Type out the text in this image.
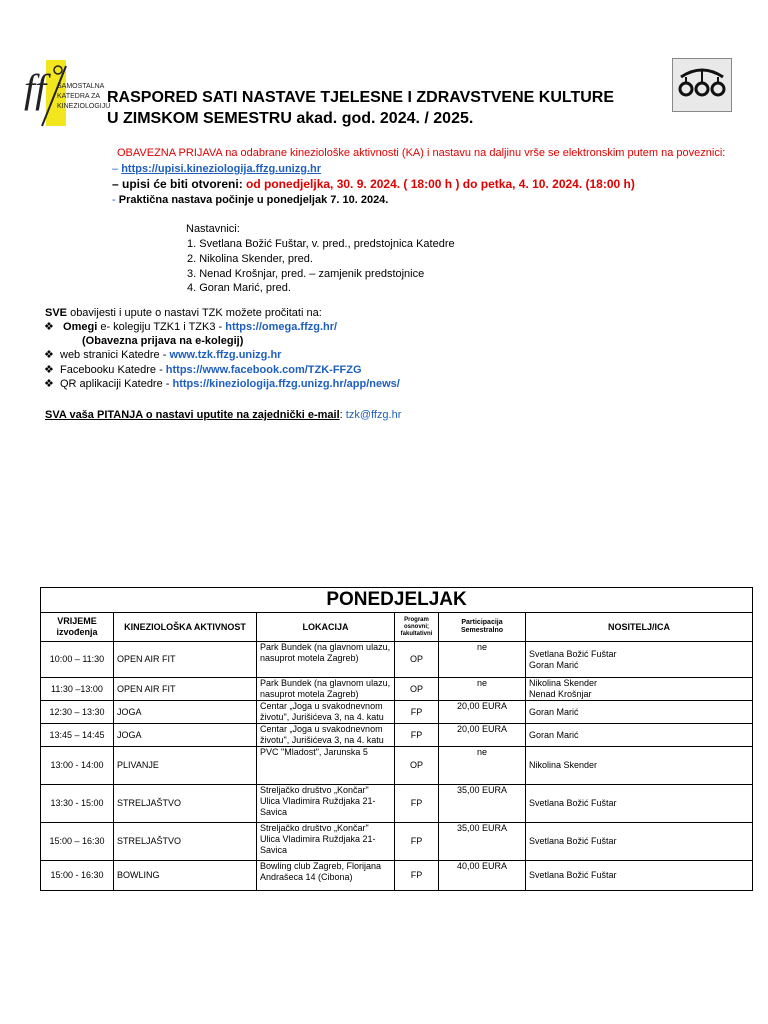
ff	SAMOSTALNA
KATEDRA ZA
KINEZIOLOGIJU
RASPORED SATI NASTAVE TJELESNE I ZDRAVSTVENE KULTURE
U ZIMSKOM SEMESTRU akad. god. 2024. / 2025.
OBAVEZNA PRIJAVA na odabrane kineziološke aktivnosti (KA) i nastavu na daljinu vrše se elektronskim putem na poveznici:
– https://upisi.kineziologija.ffzg.unizg.hr
– upisi će biti otvoreni: od ponedjeljka, 30. 9. 2024. ( 18:00 h ) do petka, 4. 10. 2024. (18:00 h)
- Praktična nastava počinje u ponedjeljak 7. 10. 2024.
Nastavnici:
1. Svetlana Božić Fuštar, v. pred., predstojnica Katedre
2. Nikolina Skender, pred.
3. Nenad Krošnjar, pred. – zamjenik predstojnice
4. Goran Marić, pred.
SVE obavijesti i upute o nastavi TZK možete pročitati na:
❖ Omegi e- kolegiju TZK1 i TZK3 - https://omega.ffzg.hr/
(Obavezna prijava na e-kolegij)
❖ web stranici Katedre - www.tzk.ffzg.unizg.hr
❖ Facebooku Katedre - https://www.facebook.com/TZK-FFZG
❖ QR aplikaciji Katedre - https://kineziologija.ffzg.unizg.hr/app/news/
SVA vaša PITANJA o nastavi uputite na zajednički e-mail: tzk@ffzg.hr
PONEDJELJAK					
VRIJEME izvođenja	KINEZIOLOŠKA AKTIVNOST	LOKACIJA	Program osnovni; fakultativni	Participacija Semestralno	NOSITELJ/ICA
10:00 – 11:30	OPEN AIR FIT	Park Bundek (na glavnom ulazu, nasuprot motela Zagreb)	OP	ne	Svetlana Božić Fuštar
Goran Marić
11:30 –13:00	OPEN AIR FIT	Park Bundek (na glavnom ulazu, nasuprot motela Zagreb)	OP	ne	Nikolina Skender
Nenad Krošnjar
12:30 – 13:30	JOGA	Centar „Joga u svakodnevnom životu", Jurišićeva 3, na 4. katu	FP	20,00 EURA	Goran Marić
13:45 – 14:45	JOGA	Centar „Joga u svakodnevnom životu", Jurišićeva 3, na 4. katu	FP	20,00 EURA	Goran Marić
13:00 - 14:00	PLIVANJE	PVC "Mladost", Jarunska 5	OP	ne	Nikolina Skender
13:30 - 15:00	STRELJAŠTVO	Streljačko društvo „Končar" Ulica Vladimira Ruždjaka 21- Savica	FP	35,00 EURA	Svetlana Božić Fuštar
15:00 – 16:30	STRELJAŠTVO	Streljačko društvo „Končar" Ulica Vladimira Ruždjaka 21- Savica	FP	35,00 EURA	Svetlana Božić Fuštar
15:00 - 16:30	BOWLING	Bowling club Zagreb, Florijana Andrašeca 14 (Cibona)	FP	40,00 EURA	Svetlana Božić Fuštar
